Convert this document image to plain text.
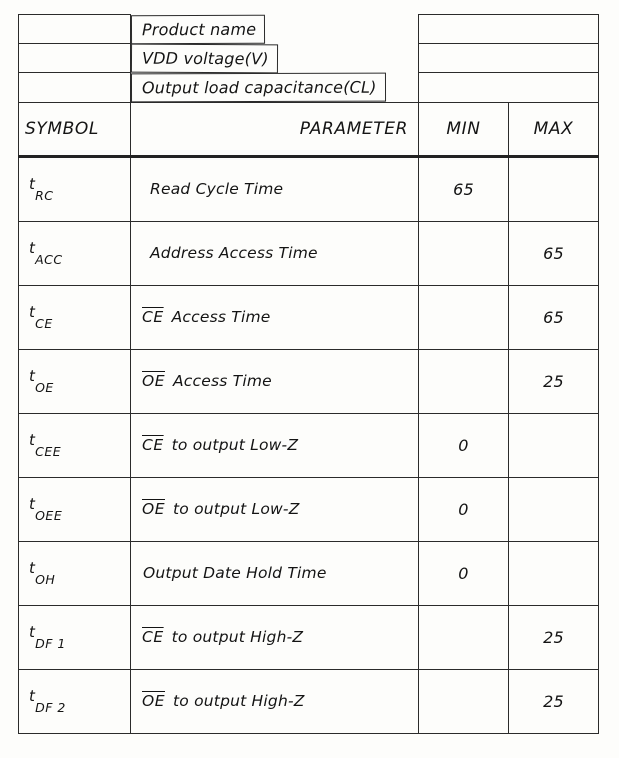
	Product name
	VDD voltage(V)
	Output load capacitance(CL)
SYMBOL	PARAMETER	MIN	MAX
$t_{RC}$	Read Cycle Time	65	
$t_{ACC}$	Address Access Time		65
$t_{CE}$	$\overline{CE}$ Access Time		65
$t_{OE}$	$\overline{OE}$ Access Time		25
$t_{CEE}$	$\overline{CE}$ to output Low-Z	0	
$t_{OEE}$	$\overline{OE}$ to output Low-Z	0	
$t_{OH}$	Output Date Hold Time	0	
$t_{DF 1}$	$\overline{CE}$ to output High-Z		25
$t_{DF 2}$	$\overline{OE}$ to output High-Z		25
